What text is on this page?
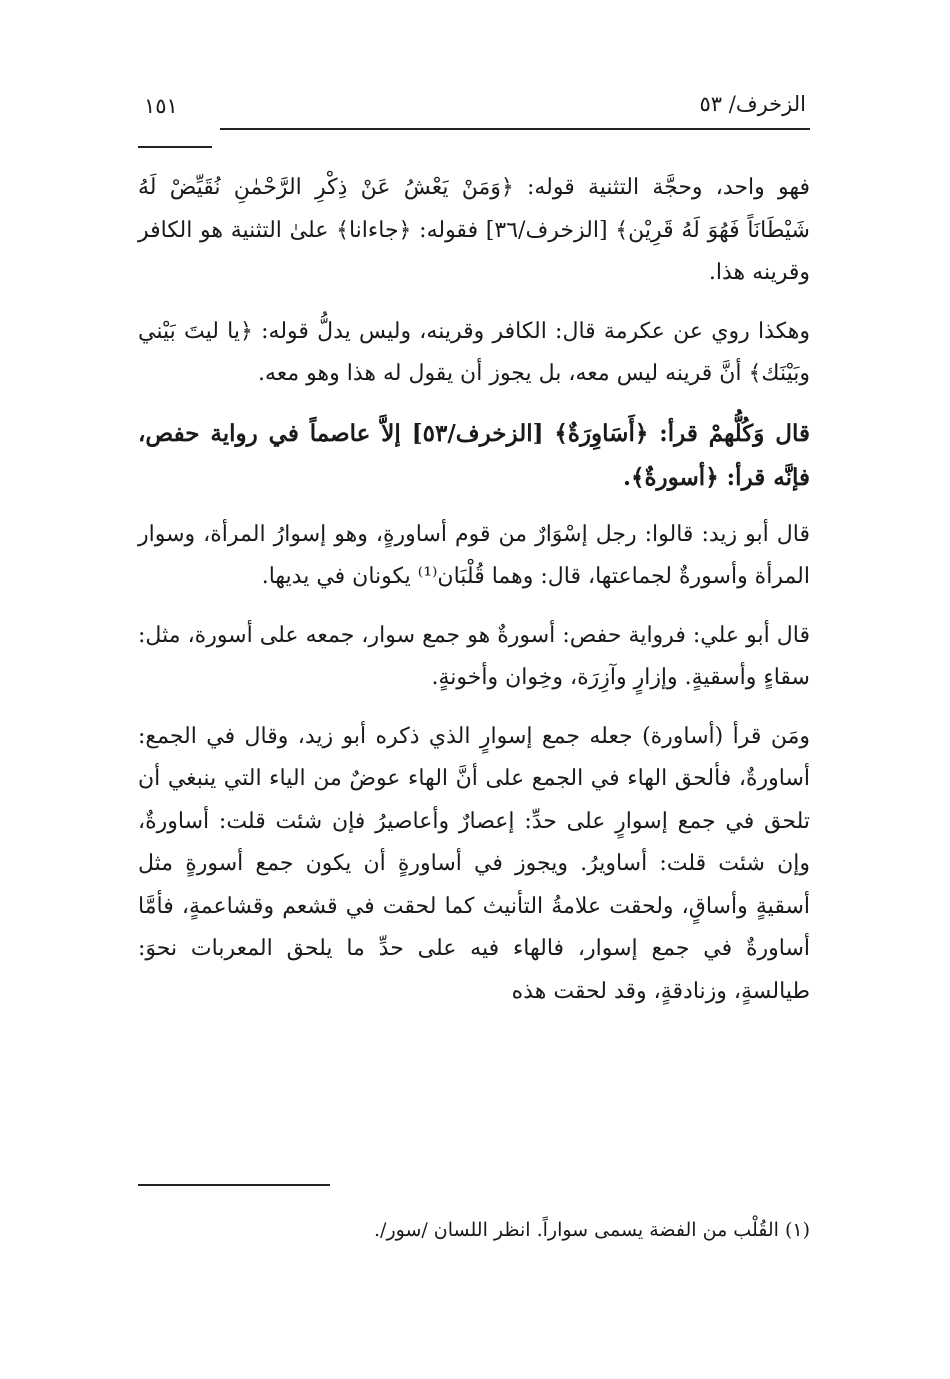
الزخرف/ ٥٣
١٥١

فهو واحد، وحجَّة التثنية قوله: ﴿وَمَنْ يَعْشُ عَنْ ذِكْرِ الرَّحْمٰنِ نُقَيِّضْ لَهُ شَيْطَانَاً فَهُوَ لَهُ قَرِيْن﴾ [الزخرف/٣٦] فقوله: ﴿جاءانا﴾ علىٰ التثنية هو الكافر وقرينه هذا.

وهكذا روي عن عكرمة قال: الكافر وقرينه، وليس يدلُّ قوله: ﴿يا ليتَ بَيْني وبَيْنَك﴾ أنَّ قرينه ليس معه، بل يجوز أن يقول له هذا وهو معه.

قال وَكُلُّهمْ قرأ: ﴿أَسَاوِرَةٌ﴾ [الزخرف/٥٣] إلاَّ عاصماً في رواية حفص، فإنَّه قرأ: ﴿أسورةٌ﴾.

قال أبو زيد: قالوا: رجل إسْوَارٌ من قوم أساورةٍ، وهو إسوارُ المرأة، وسوار المرأة وأسورةٌ لجماعتها، قال: وهما قُلْبَان⁽¹⁾ يكونان في يديها.

قال أبو علي: فرواية حفص: أسورةٌ هو جمع سوار، جمعه على أسورة، مثل: سقاءٍ وأسقيةٍ. وإزارٍ وآزِرَة، وخِوان وأخونةٍ.

ومَن قرأ (أساورة) جعله جمع إسوارٍ الذي ذكره أبو زيد، وقال في الجمع: أساورةٌ، فألحق الهاء في الجمع على أنَّ الهاء عوضٌ من الياء التي ينبغي أن تلحق في جمع إسوارٍ على حدِّ: إعصارٌ وأعاصيرُ فإن شئت قلت: أساورةٌ، وإن شئت قلت: أساويرُ. ويجوز في أساورةٍ أن يكون جمع أسورةٍ مثل أسقيةٍ وأساقٍ، ولحقت علامةُ التأنيث كما لحقت في قشعم وقشاعمةٍ، فأمَّا أساورةٌ في جمع إسوار، فالهاء فيه على حدِّ ما يلحق المعربات نحوَ: طيالسةٍ، وزنادقةٍ، وقد لحقت هذه

(١) القُلْب من الفضة يسمى سواراً. انظر اللسان /سور/.
